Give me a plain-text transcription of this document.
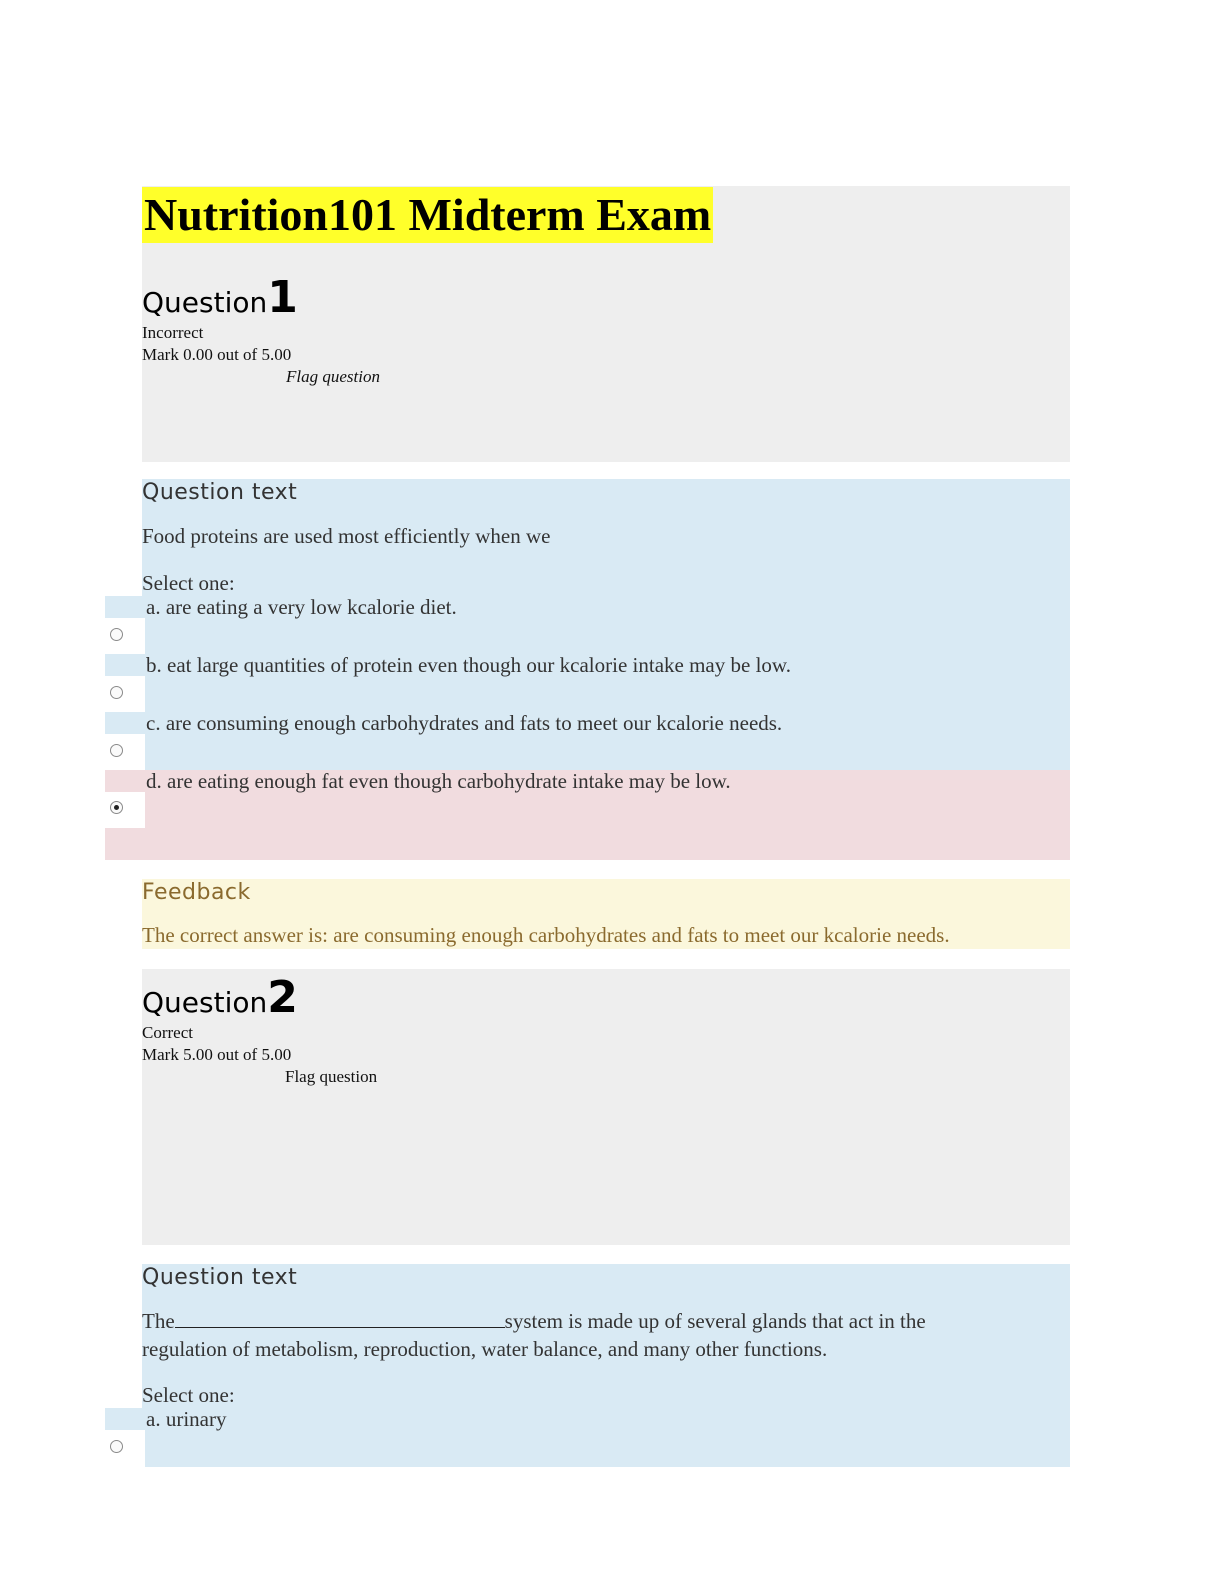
Nutrition101 Midterm Exam
Question1
Incorrect
Mark 0.00 out of 5.00
Flag question
Question text
Food proteins are used most efficiently when we
Select one:
a. are eating a very low kcalorie diet.
b. eat large quantities of protein even though our kcalorie intake may be low.
c. are consuming enough carbohydrates and fats to meet our kcalorie needs.
d. are eating enough fat even though carbohydrate intake may be low.
Feedback
The correct answer is: are consuming enough carbohydrates and fats to meet our kcalorie needs.
Question2
Correct
Mark 5.00 out of 5.00
Flag question
Question text
The	system is made up of several glands that act in the
regulation of metabolism, reproduction, water balance, and many other functions.
Select one:
a. urinary
